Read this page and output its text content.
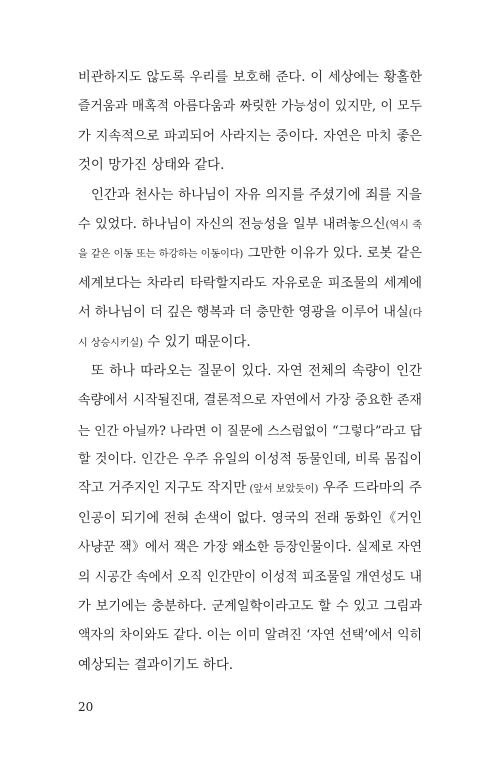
비관하지도 않도록 우리를 보호해 준다. 이 세상에는 황홀한
즐거움과 매혹적 아름다움과 짜릿한 가능성이 있지만, 이 모두
가 지속적으로 파괴되어 사라지는 중이다. 자연은 마치 좋은
것이 망가진 상태와 같다.
인간과 천사는 하나님이 자유 의지를 주셨기에 죄를 지을
수 있었다. 하나님이 자신의 전능성을 일부 내려놓으신(역시 죽
을 같은 이동 또는 하강하는 이동이다) 그만한 이유가 있다. 로봇 같은
세계보다는 차라리 타락할지라도 자유로운 피조물의 세계에
서 하나님이 더 깊은 행복과 더 충만한 영광을 이루어 내실(다
시 상승시키실) 수 있기 때문이다.
또 하나 따라오는 질문이 있다. 자연 전체의 속량이 인간
속량에서 시작될진대, 결론적으로 자연에서 가장 중요한 존재
는 인간 아닐까? 나라면 이 질문에 스스럼없이 “그렇다”라고 답
할 것이다. 인간은 우주 유일의 이성적 동물인데, 비록 몸집이
작고 거주지인 지구도 작지만 (앞서 보았듯이) 우주 드라마의 주
인공이 되기에 전혀 손색이 없다. 영국의 전래 동화인《거인
사냥꾼 잭》에서 잭은 가장 왜소한 등장인물이다. 실제로 자연
의 시공간 속에서 오직 인간만이 이성적 피조물일 개연성도 내
가 보기에는 충분하다. 군계일학이라고도 할 수 있고 그림과
액자의 차이와도 같다. 이는 이미 알려진 ‘자연 선택’에서 익히
예상되는 결과이기도 하다.
20
